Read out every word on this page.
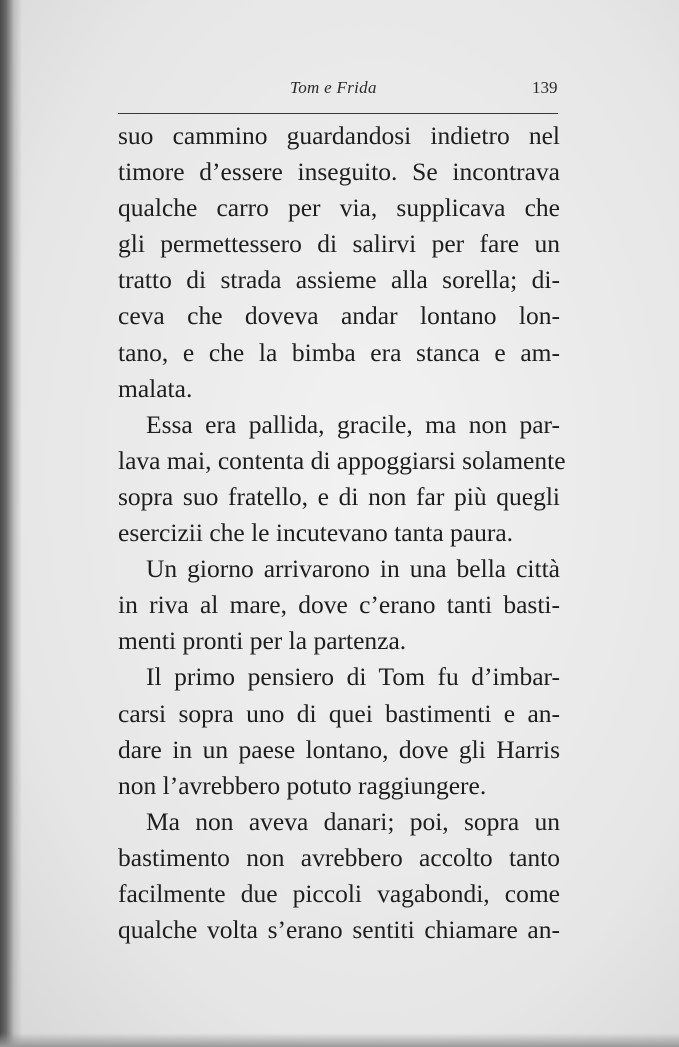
Tom e Frida	139
suo cammino guardandosi indietro nel
timore d’essere inseguito. Se incontrava
qualche carro per via, supplicava che
gli permettessero di salirvi per fare un
tratto di strada assieme alla sorella; di-
ceva che doveva andar lontano lon-
tano, e che la bimba era stanca e am-
malata.
Essa era pallida, gracile, ma non par-
lava mai, contenta di appoggiarsi solamente
sopra suo fratello, e di non far più quegli
esercizii che le incutevano tanta paura.
Un giorno arrivarono in una bella città
in riva al mare, dove c’erano tanti basti-
menti pronti per la partenza.
Il primo pensiero di Tom fu d’imbar-
carsi sopra uno di quei bastimenti e an-
dare in un paese lontano, dove gli Harris
non l’avrebbero potuto raggiungere.
Ma non aveva danari; poi, sopra un
bastimento non avrebbero accolto tanto
facilmente due piccoli vagabondi, come
qualche volta s’erano sentiti chiamare an-
